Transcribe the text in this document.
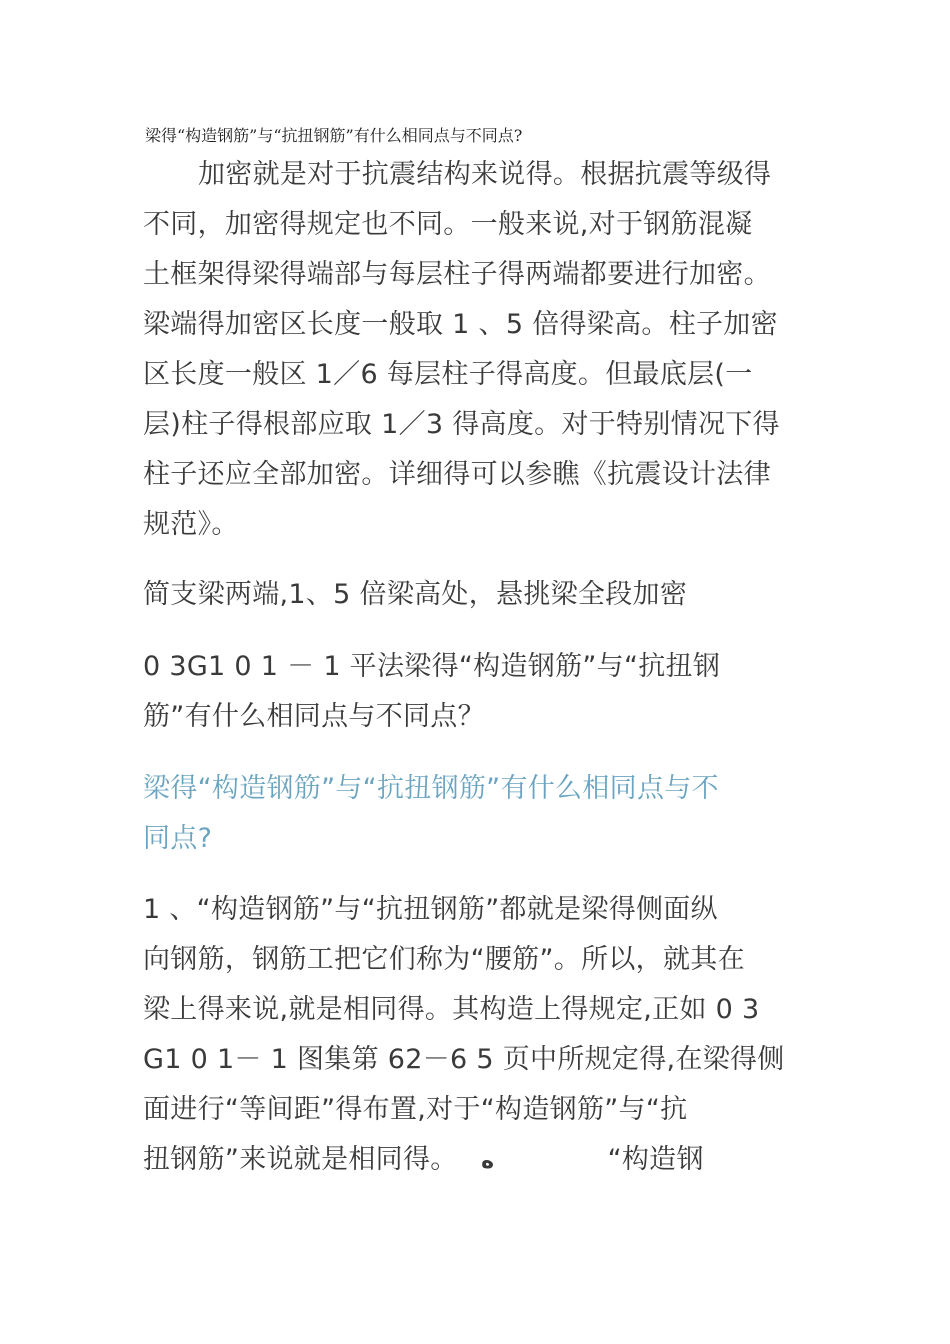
梁得“构造钢筋”与“抗扭钢筋”有什么相同点与不同点?
加密就是对于抗震结构来说得。根据抗震等级得
不同，加密得规定也不同。一般来说,对于钢筋混凝
土框架得梁得端部与每层柱子得两端都要进行加密。
梁端得加密区长度一般取 1 、5 倍得梁高。柱子加密
区长度一般区 1／6 每层柱子得高度。但最底层(一
层)柱子得根部应取 1／3 得高度。对于特别情况下得
柱子还应全部加密。详细得可以参瞧《抗震设计法律
规范》。
简支梁两端,1、5 倍梁高处，悬挑梁全段加密
0 3G1 0 1 － 1 平法梁得“构造钢筋”与“抗扭钢
筋”有什么相同点与不同点？
梁得“构造钢筋”与“抗扭钢筋”有什么相同点与不
同点?
1 、“构造钢筋”与“抗扭钢筋”都就是梁得侧面纵
向钢筋，钢筋工把它们称为“腰筋”。所以，就其在
梁上得来说,就是相同得。其构造上得规定,正如 0 3
G1 0 1－ 1 图集第 62－6 5 页中所规定得,在梁得侧
面进行“等间距”得布置,对于“构造钢筋”与“抗
扭钢筋”来说就是相同得。 ه	“构造钢
